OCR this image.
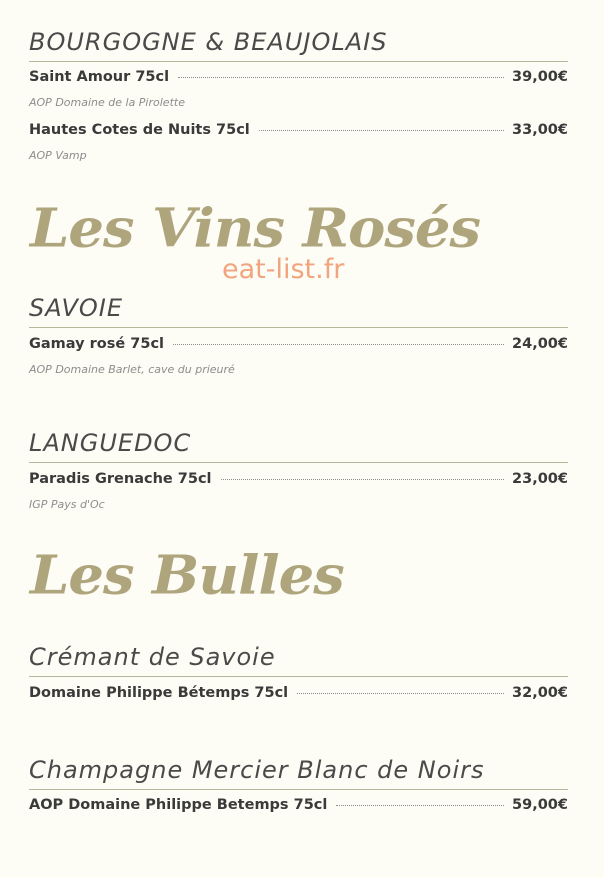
BOURGOGNE & BEAUJOLAIS
Saint Amour 75cl	39,00€
AOP Domaine de la Pirolette
Hautes Cotes de Nuits 75cl	33,00€
AOP Vamp
Les Vins Rosés
eat-list.fr
SAVOIE
Gamay rosé 75cl	24,00€
AOP Domaine Barlet, cave du prieuré
LANGUEDOC
Paradis Grenache 75cl	23,00€
IGP Pays d'Oc
Les Bulles
Crémant de Savoie
Domaine Philippe Bétemps 75cl	32,00€
Champagne Mercier Blanc de Noirs
AOP Domaine Philippe Betemps 75cl	59,00€
